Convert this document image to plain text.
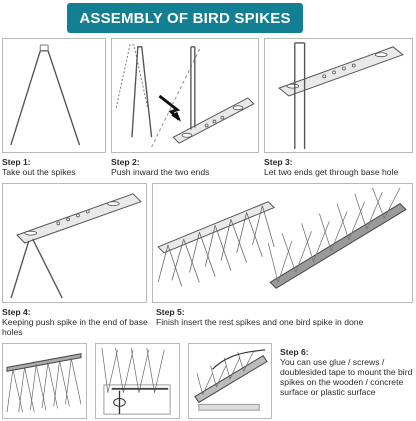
ASSEMBLY OF BIRD SPIKES
Step 1:
Take out the spikes
Step 2:
Push inward the two ends
Step 3:
Let two ends get through base hole
Step 4:
Keeping push spike in the end of base holes
Step 5:
Finish insert the rest spikes and one bird spike in done
Step 6:
You can use glue / screws / doublesided tape to mount the bird spikes on the wooden / concrete surface or plastic surface
